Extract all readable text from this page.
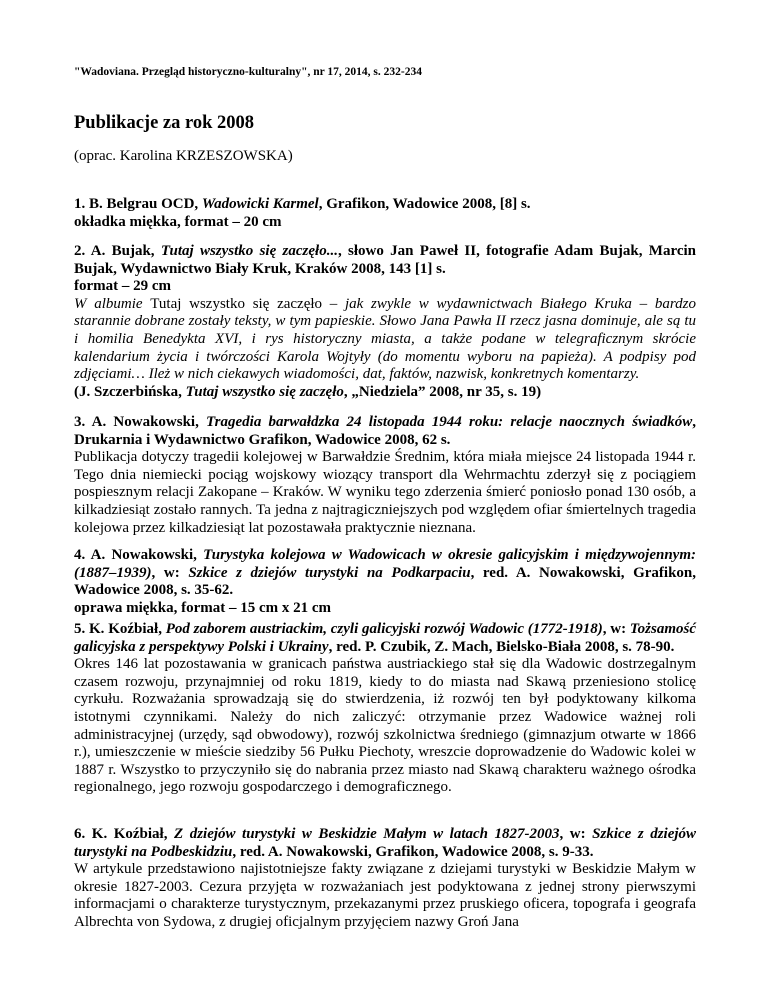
"Wadoviana. Przegląd historyczno-kulturalny", nr 17, 2014, s. 232-234
Publikacje za rok 2008
(oprac. Karolina KRZESZOWSKA)

1. B. Belgrau OCD, Wadowicki Karmel, Grafikon, Wadowice 2008, [8] s.

okładka miękka, format – 20 cm

2. A. Bujak, Tutaj wszystko się zaczęło..., słowo Jan Paweł II, fotografie Adam Bujak, Marcin Bujak, Wydawnictwo Biały Kruk, Kraków 2008, 143 [1] s.

format – 29 cm

W albumie Tutaj wszystko się zaczęło – jak zwykle w wydawnictwach Białego Kruka – bardzo starannie dobrane zostały teksty, w tym papieskie. Słowo Jana Pawła II rzecz jasna dominuje, ale są tu i homilia Benedykta XVI, i rys historyczny miasta, a także podane w telegraficznym skrócie kalendarium życia i twórczości Karola Wojtyły (do momentu wyboru na papieża). A podpisy pod zdjęciami… Ileż w nich ciekawych wiadomości, dat, faktów, nazwisk, konkretnych komentarzy.

(J. Szczerbińska, Tutaj wszystko się zaczęło, „Niedziela” 2008, nr 35, s. 19)

3. A. Nowakowski, Tragedia barwałdzka 24 listopada 1944 roku: relacje naocznych świadków, Drukarnia i Wydawnictwo Grafikon, Wadowice 2008, 62 s.

Publikacja dotyczy tragedii kolejowej w Barwałdzie Średnim, która miała miejsce 24 listopada 1944 r. Tego dnia niemiecki pociąg wojskowy wiozący transport dla Wehrmachtu zderzył się z pociągiem pospiesznym relacji Zakopane – Kraków. W wyniku tego zderzenia śmierć poniosło ponad 130 osób, a kilkadziesiąt zostało rannych. Ta jedna z najtragiczniejszych pod względem ofiar śmiertelnych tragedia kolejowa przez kilkadziesiąt lat pozostawała praktycznie nieznana.

4. A. Nowakowski, Turystyka kolejowa w Wadowicach w okresie galicyjskim i międzywojennym: (1887–1939), w: Szkice z dziejów turystyki na Podkarpaciu, red. A. Nowakowski, Grafikon, Wadowice 2008, s. 35-62.

oprawa miękka, format – 15 cm x 21 cm

5. K. Koźbiał, Pod zaborem austriackim, czyli galicyjski rozwój Wadowic (1772-1918), w: Tożsamość galicyjska z perspektywy Polski i Ukrainy, red. P. Czubik, Z. Mach, Bielsko-Biała 2008, s. 78-90.

Okres 146 lat pozostawania w granicach państwa austriackiego stał się dla Wadowic dostrzegalnym czasem rozwoju, przynajmniej od roku 1819, kiedy to do miasta nad Skawą przeniesiono stolicę cyrkułu. Rozważania sprowadzają się do stwierdzenia, iż rozwój ten był podyktowany kilkoma istotnymi czynnikami. Należy do nich zaliczyć: otrzymanie przez Wadowice ważnej roli administracyjnej (urzędy, sąd obwodowy), rozwój szkolnictwa średniego (gimnazjum otwarte w 1866 r.), umieszczenie w mieście siedziby 56 Pułku Piechoty, wreszcie doprowadzenie do Wadowic kolei w 1887 r. Wszystko to przyczyniło się do nabrania przez miasto nad Skawą charakteru ważnego ośrodka regionalnego, jego rozwoju gospodarczego i demograficznego.

6. K. Koźbiał, Z dziejów turystyki w Beskidzie Małym w latach 1827-2003, w: Szkice z dziejów turystyki na Podbeskidziu, red. A. Nowakowski, Grafikon, Wadowice 2008, s. 9-33.

W artykule przedstawiono najistotniejsze fakty związane z dziejami turystyki w Beskidzie Małym w okresie 1827-2003. Cezura przyjęta w rozważaniach jest podyktowana z jednej strony pierwszymi informacjami o charakterze turystycznym, przekazanymi przez pruskiego oficera, topografa i geografa Albrechta von Sydowa, z drugiej oficjalnym przyjęciem nazwy Groń Jana
